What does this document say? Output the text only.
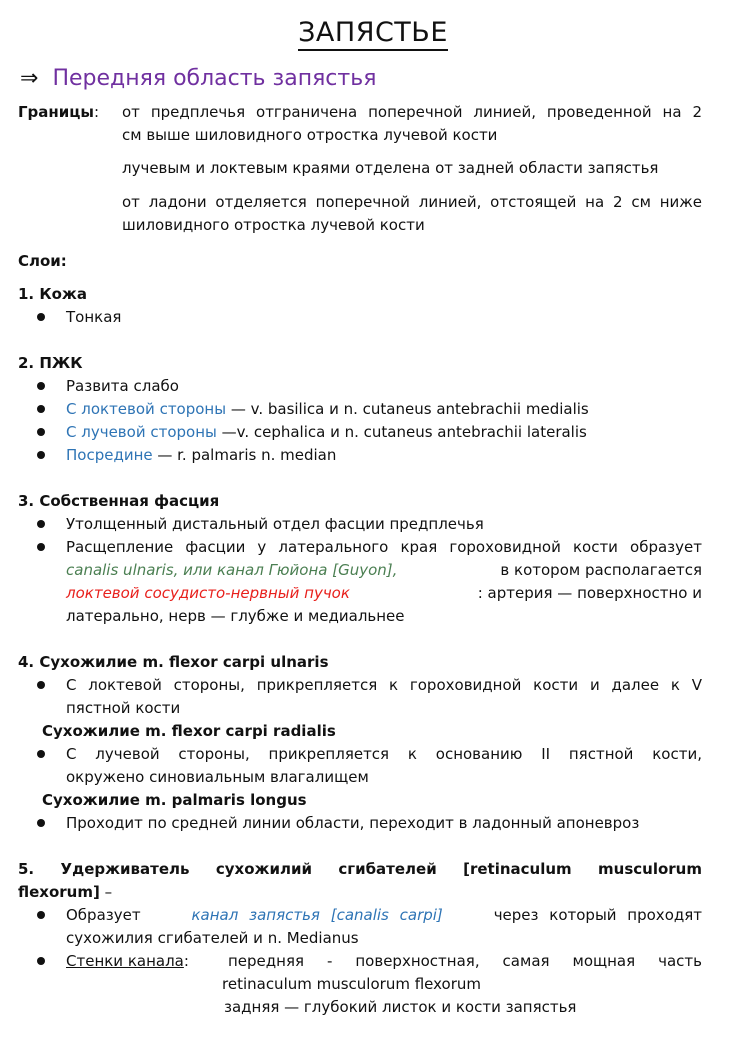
ЗАПЯСТЬЕ
⇒ Передняя область запястья
Границы: от предплечья отграничена поперечной линией, проведенной на 2
см выше шиловидного отростка лучевой кости
лучевым и локтевым краями отделена от задней области запястья
от ладони отделяется поперечной линией, отстоящей на 2 см ниже
шиловидного отростка лучевой кости
Слои:
1. Кожа
Тонкая
2. ПЖК
Развита слабо
С локтевой стороны — v. basilica и n. cutaneus antebrachii medialis
С лучевой стороны —v. cephalica и n. cutaneus antebrachii lateralis
Посредине — r. palmaris n. median
3. Собственная фасция
Утолщенный дистальный отдел фасции предплечья
Расщепление фасции у латерального края гороховидной кости образует
canalis ulnaris, или канал Гюйона [Guyon],	в котором располагается
локтевой сосудисто-нервный пучок	: артерия — поверхностно и
латерально, нерв — глубже и медиальнее
4. Сухожилие m. flexor carpi ulnaris
С локтевой стороны, прикрепляется к гороховидной кости и далее к V
пястной кости
Сухожилие m. flexor carpi radialis
С лучевой стороны, прикрепляется к основанию II пястной кости,
окружено синовиальным влагалищем
Сухожилие m. palmaris longus
Проходит по средней линии области, переходит в ладонный апоневроз
5. Удерживатель сухожилий сгибателей [retinaculum musculorum
flexorum] –
Образует	канал запястья [canalis carpi]	через который проходят
сухожилия сгибателей и n. Medianus
Стенки канала:	передняя - поверхностная, самая мощная часть
retinaculum musculorum flexorum
задняя — глубокий листок и кости запястья
